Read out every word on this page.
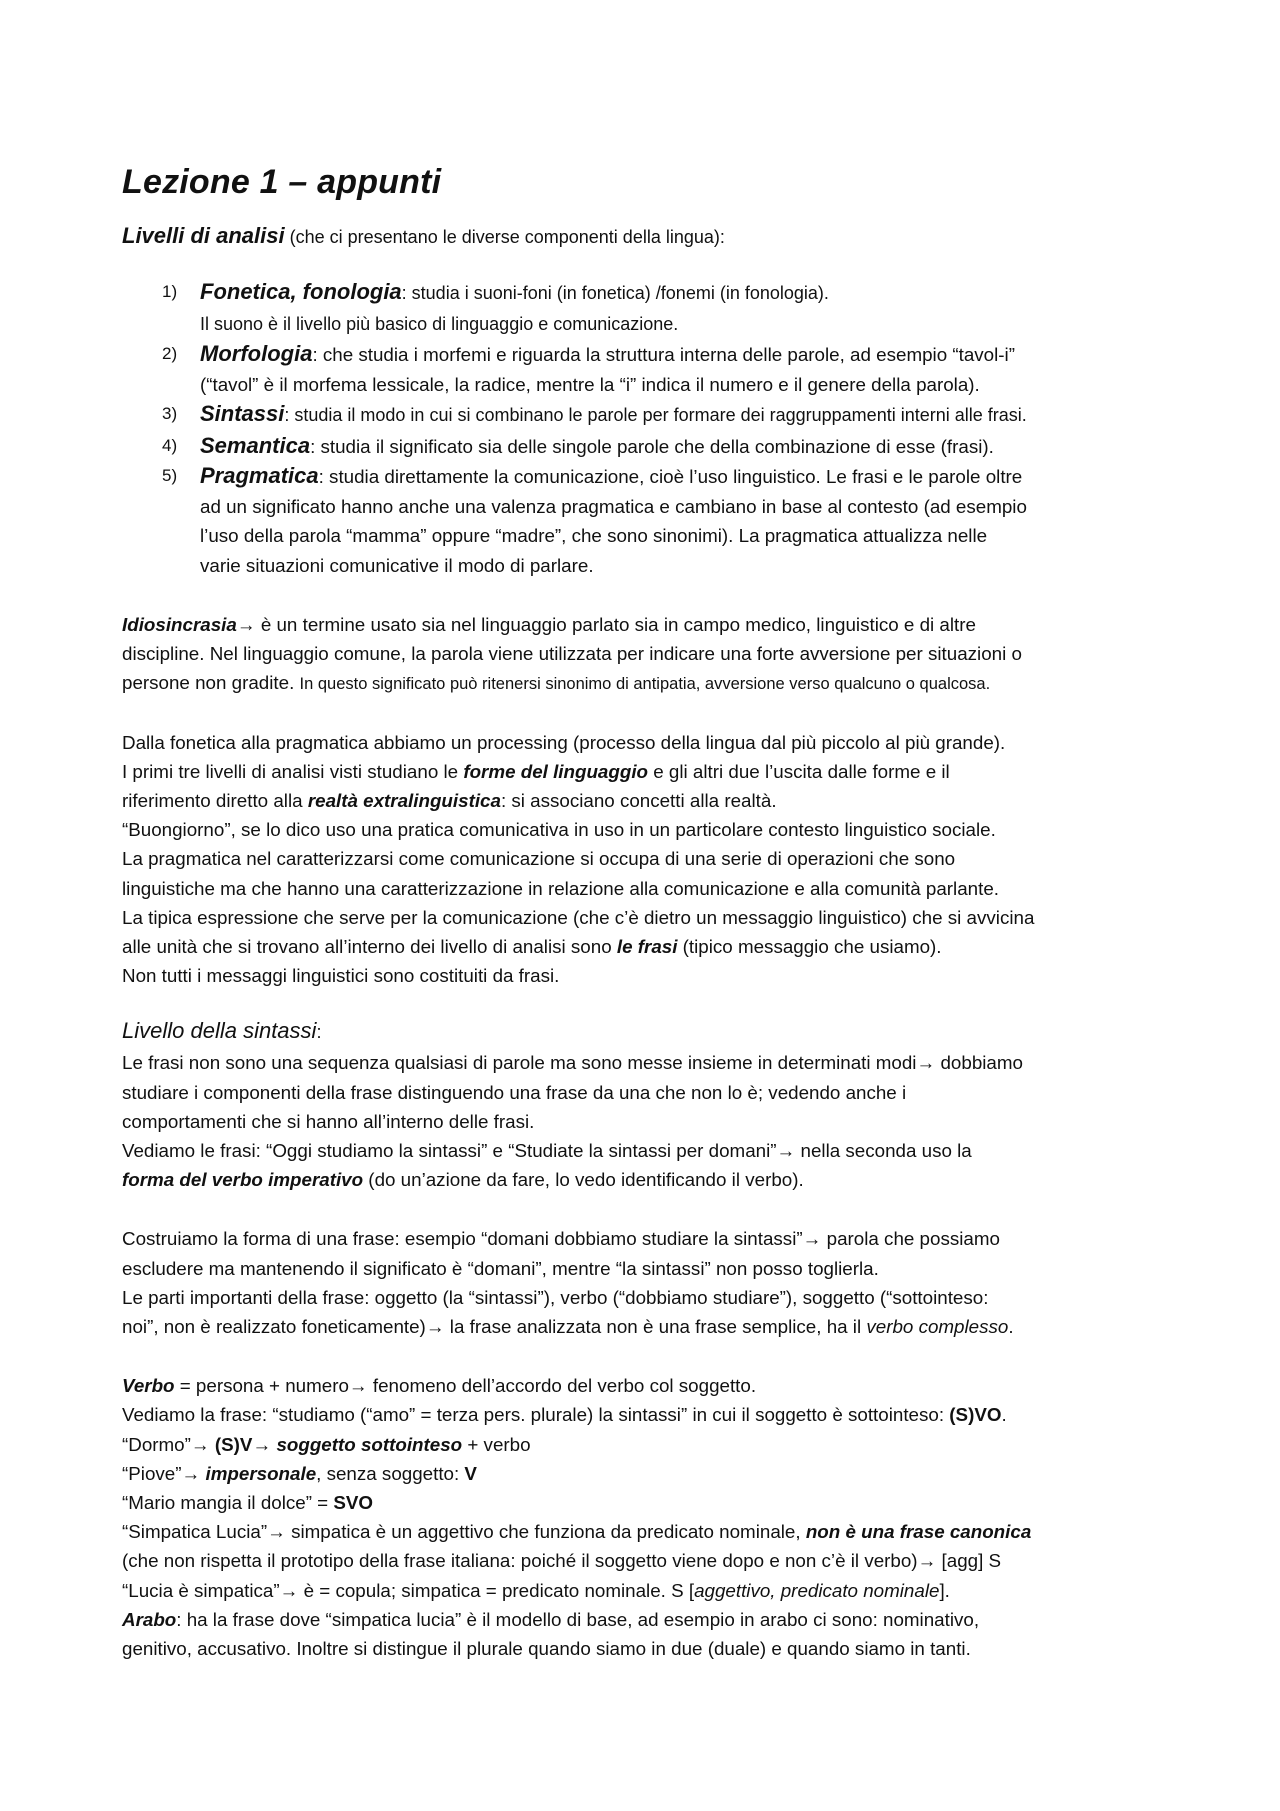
Lezione 1 – appunti

Livelli di analisi (che ci presentano le diverse componenti della lingua):

1) Fonetica, fonologia: studia i suoni-foni (in fonetica) /fonemi (in fonologia).
Il suono è il livello più basico di linguaggio e comunicazione.
2) Morfologia: che studia i morfemi e riguarda la struttura interna delle parole, ad esempio “tavol-i”
(“tavol” è il morfema lessicale, la radice, mentre la “i” indica il numero e il genere della parola).
3) Sintassi: studia il modo in cui si combinano le parole per formare dei raggruppamenti interni alle frasi.
4) Semantica: studia il significato sia delle singole parole che della combinazione di esse (frasi).
5) Pragmatica: studia direttamente la comunicazione, cioè l’uso linguistico. Le frasi e le parole oltre
ad un significato hanno anche una valenza pragmatica e cambiano in base al contesto (ad esempio
l’uso della parola “mamma” oppure “madre”, che sono sinonimi). La pragmatica attualizza nelle
varie situazioni comunicative il modo di parlare.

Idiosincrasia→ è un termine usato sia nel linguaggio parlato sia in campo medico, linguistico e di altre

discipline. Nel linguaggio comune, la parola viene utilizzata per indicare una forte avversione per situazioni o

persone non gradite. In questo significato può ritenersi sinonimo di antipatia, avversione verso qualcuno o qualcosa.

Dalla fonetica alla pragmatica abbiamo un processing (processo della lingua dal più piccolo al più grande).

I primi tre livelli di analisi visti studiano le forme del linguaggio e gli altri due l’uscita dalle forme e il

riferimento diretto alla realtà extralinguistica: si associano concetti alla realtà.

“Buongiorno”, se lo dico uso una pratica comunicativa in uso in un particolare contesto linguistico sociale.

La pragmatica nel caratterizzarsi come comunicazione si occupa di una serie di operazioni che sono

linguistiche ma che hanno una caratterizzazione in relazione alla comunicazione e alla comunità parlante.

La tipica espressione che serve per la comunicazione (che c’è dietro un messaggio linguistico) che si avvicina

alle unità che si trovano all’interno dei livello di analisi sono le frasi (tipico messaggio che usiamo).

Non tutti i messaggi linguistici sono costituiti da frasi.

Livello della sintassi:

Le frasi non sono una sequenza qualsiasi di parole ma sono messe insieme in determinati modi→ dobbiamo

studiare i componenti della frase distinguendo una frase da una che non lo è; vedendo anche i

comportamenti che si hanno all’interno delle frasi.

Vediamo le frasi: “Oggi studiamo la sintassi” e “Studiate la sintassi per domani”→ nella seconda uso la

forma del verbo imperativo (do un’azione da fare, lo vedo identificando il verbo).

Costruiamo la forma di una frase: esempio “domani dobbiamo studiare la sintassi”→ parola che possiamo

escludere ma mantenendo il significato è “domani”, mentre “la sintassi” non posso toglierla.

Le parti importanti della frase: oggetto (la “sintassi”), verbo (“dobbiamo studiare”), soggetto (“sottointeso:

noi”, non è realizzato foneticamente)→ la frase analizzata non è una frase semplice, ha il verbo complesso.

Verbo = persona + numero→ fenomeno dell’accordo del verbo col soggetto.

Vediamo la frase: “studiamo (“amo” = terza pers. plurale) la sintassi” in cui il soggetto è sottointeso: (S)VO.

“Dormo”→ (S)V→ soggetto sottointeso + verbo

“Piove”→ impersonale, senza soggetto: V

“Mario mangia il dolce” = SVO

“Simpatica Lucia”→ simpatica è un aggettivo che funziona da predicato nominale, non è una frase canonica

(che non rispetta il prototipo della frase italiana: poiché il soggetto viene dopo e non c’è il verbo)→ [agg] S

“Lucia è simpatica”→ è = copula; simpatica = predicato nominale. S [aggettivo, predicato nominale].

Arabo: ha la frase dove “simpatica lucia” è il modello di base, ad esempio in arabo ci sono: nominativo,

genitivo, accusativo. Inoltre si distingue il plurale quando siamo in due (duale) e quando siamo in tanti.
